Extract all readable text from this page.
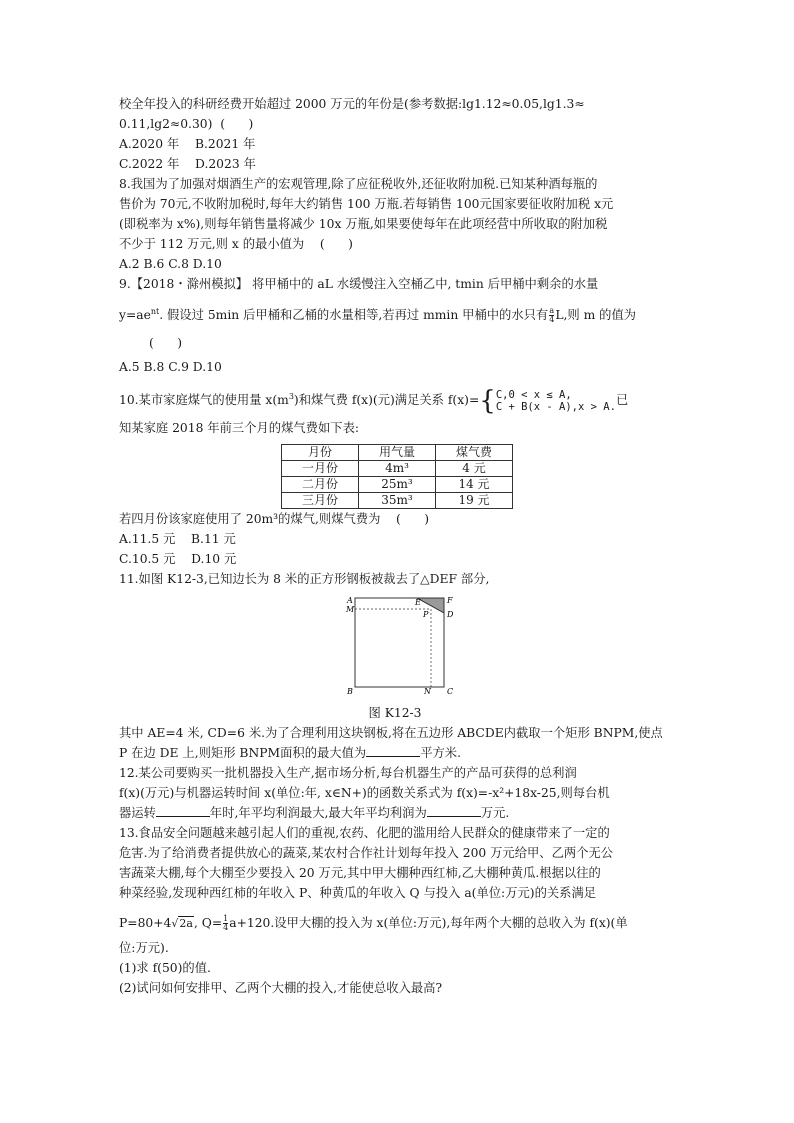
校全年投入的科研经费开始超过 2000 万元的年份是(参考数据:lg1.12≈0.05,lg1.3≈

0.11,lg2≈0.30)  (      )

A.2020 年 B.2021 年

C.2022 年 D.2023 年

8.我国为了加强对烟酒生产的宏观管理,除了应征税收外,还征收附加税.已知某种酒每瓶的

售价为 70元,不收附加税时,每年大约销售 100 万瓶.若每销售 100元国家要征收附加税 x元

(即税率为 x%),则每年销售量将减少 10x 万瓶,如果要使每年在此项经营中所收取的附加税

不少于 112 万元,则 x 的最小值为    (      )

A.2 B.6 C.8 D.10

9.【2018・滁州模拟】 将甲桶中的 aL 水缓慢注入空桶乙中, tmin 后甲桶中剩余的水量

$y=ae^{nt}$. 假设过 5min 后甲桶和乙桶的水量相等,若再过 mmin 甲桶中的水只有 $\frac{a}{4} L$,则 m 的值为

(      )

A.5 B.8 C.9 D.10

10.某市家庭煤气的使用量 $x(m^3)$和煤气费 f(x)(元)满足关系 f(x)={ C,0 < x ≤ A,
C + B(x - A),x > A. 已

知某家庭 2018 年前三个月的煤气费如下表:

月份	用气量	煤气费
一月份	4m³	4 元
二月份	25m³	14 元
三月份	35m³	19 元

若四月份该家庭使用了 20m³的煤气,则煤气费为    (      )

A.11.5 元 B.11 元

C.10.5 元 D.10 元

11.如图 K12-3,已知边长为 8 米的正方形钢板被裁去了△DEF 部分,

A
M
E	F
P D
B	N C

图 K12-3

其中 AE=4 米, CD=6 米.为了合理利用这块钢板,将在五边形 ABCDE内截取一个矩形 BNPM,使点

P 在边 DE 上,则矩形 BNPM面积的最大值为	平方米.

12.某公司要购买一批机器投入生产,据市场分析,每台机器生产的产品可获得的总利润

f(x)(万元)与机器运转时间 x(单位:年, x∈N+)的函数关系式为 f(x)=-x²+18x-25,则每台机

器运转	年时,年平均利润最大,最大年平均利润为	万元.

13.食品安全问题越来越引起人们的重视,农药、化肥的滥用给人民群众的健康带来了一定的

危害.为了给消费者提供放心的蔬菜,某农村合作社计划每年投入 200 万元给甲、乙两个无公

害蔬菜大棚,每个大棚至少要投入 20 万元,其中甲大棚种西红柿,乙大棚种黄瓜.根据以往的

种菜经验,发现种西红柿的年收入 P、种黄瓜的年收入 Q 与投入 a(单位:万元)的关系满足

P=80+4√2a, $Q= \frac{1}{4} a+120$.设甲大棚的投入为 x(单位:万元),每年两个大棚的总收入为 f(x)(单

位:万元).

(1)求 f(50)的值.

(2)试问如何安排甲、乙两个大棚的投入,才能使总收入最高?
